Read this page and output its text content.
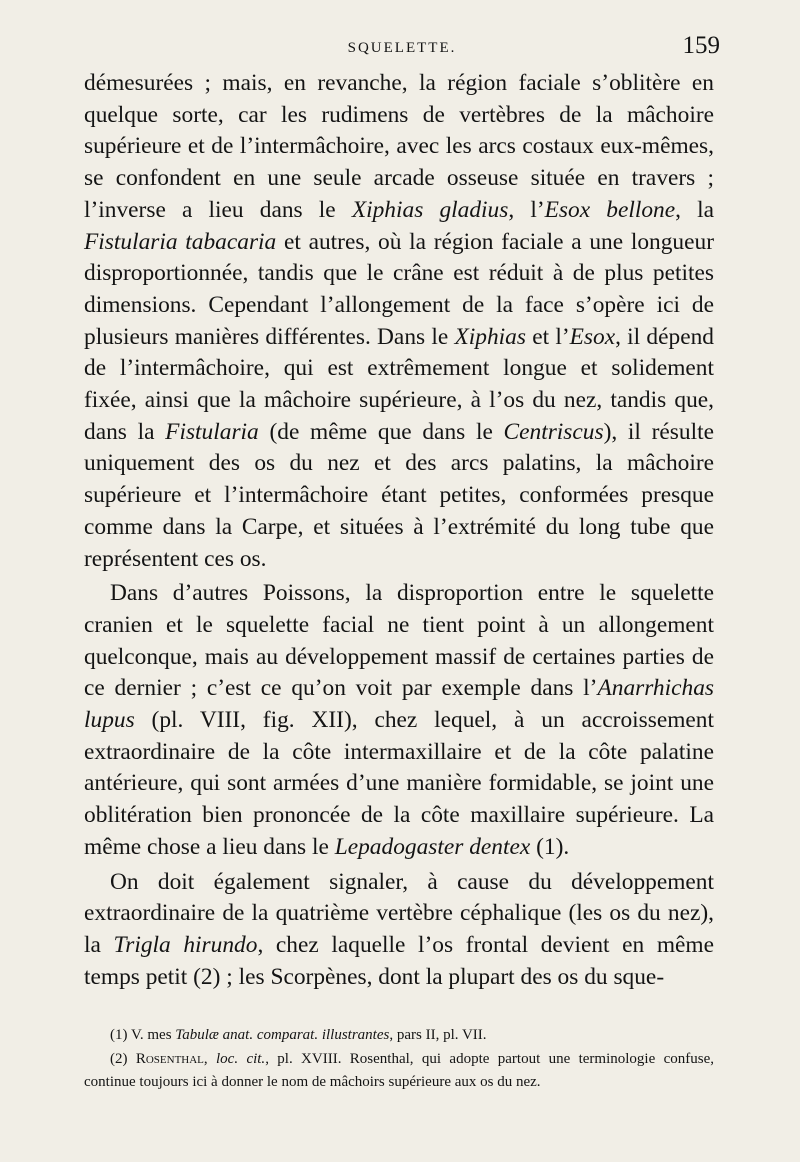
SQUELETTE.	159

démesurées ; mais, en revanche, la région faciale s’oblitère en quelque sorte, car les rudimens de vertèbres de la mâchoire supérieure et de l’intermâchoire, avec les arcs costaux eux-mêmes, se confondent en une seule arcade osseuse située en travers ; l’inverse a lieu dans le Xiphias gladius, l’Esox bellone, la Fistularia tabacaria et autres, où la région faciale a une longueur disproportionnée, tandis que le crâne est réduit à de plus petites dimensions. Cependant l’allongement de la face s’opère ici de plusieurs manières différentes. Dans le Xiphias et l’Esox, il dépend de l’intermâchoire, qui est extrêmement longue et solidement fixée, ainsi que la mâchoire supérieure, à l’os du nez, tandis que, dans la Fistularia (de même que dans le Centriscus), il résulte uniquement des os du nez et des arcs palatins, la mâchoire supérieure et l’intermâchoire étant petites, conformées presque comme dans la Carpe, et situées à l’extrémité du long tube que représentent ces os.

Dans d’autres Poissons, la disproportion entre le squelette cranien et le squelette facial ne tient point à un allongement quelconque, mais au développement massif de certaines parties de ce dernier ; c’est ce qu’on voit par exemple dans l’Anarrhichas lupus (pl. VIII, fig. XII), chez lequel, à un accroissement extraordinaire de la côte intermaxillaire et de la côte palatine antérieure, qui sont armées d’une manière formidable, se joint une oblitération bien prononcée de la côte maxillaire supérieure. La même chose a lieu dans le Lepadogaster dentex (1).

On doit également signaler, à cause du développement extraordinaire de la quatrième vertèbre céphalique (les os du nez), la Trigla hirundo, chez laquelle l’os frontal devient en même temps petit (2) ; les Scorpènes, dont la plupart des os du sque-

(1) V. mes Tabulæ anat. comparat. illustrantes, pars II, pl. VII.

(2) Rosenthal, loc. cit., pl. XVIII. Rosenthal, qui adopte partout une terminologie confuse, continue toujours ici à donner le nom de mâchoirs supérieure aux os du nez.
